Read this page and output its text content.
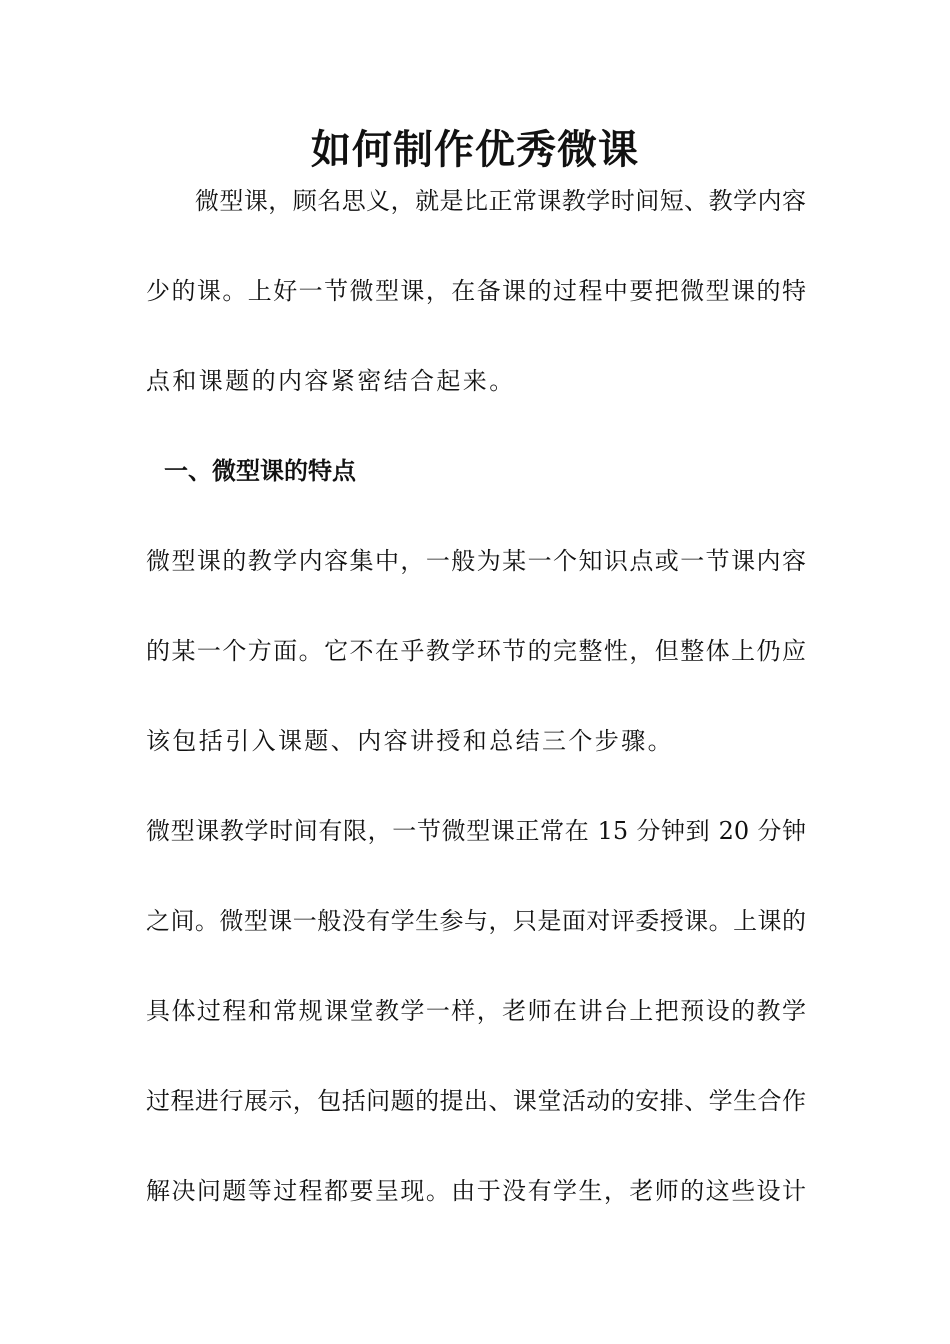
如何制作优秀微课
　　微型课，顾名思义，就是比正常课教学时间短、教学内容
少的课。上好一节微型课，在备课的过程中要把微型课的特
点和课题的内容紧密结合起来。
一、微型课的特点
微型课的教学内容集中，一般为某一个知识点或一节课内容
的某一个方面。它不在乎教学环节的完整性，但整体上仍应
该包括引入课题、内容讲授和总结三个步骤。
微型课教学时间有限，一节微型课正常在 15 分钟到 20 分钟
之间。微型课一般没有学生参与，只是面对评委授课。上课的
具体过程和常规课堂教学一样，老师在讲台上把预设的教学
过程进行展示，包括问题的提出、课堂活动的安排、学生合作
解决问题等过程都要呈现。由于没有学生，老师的这些设计
